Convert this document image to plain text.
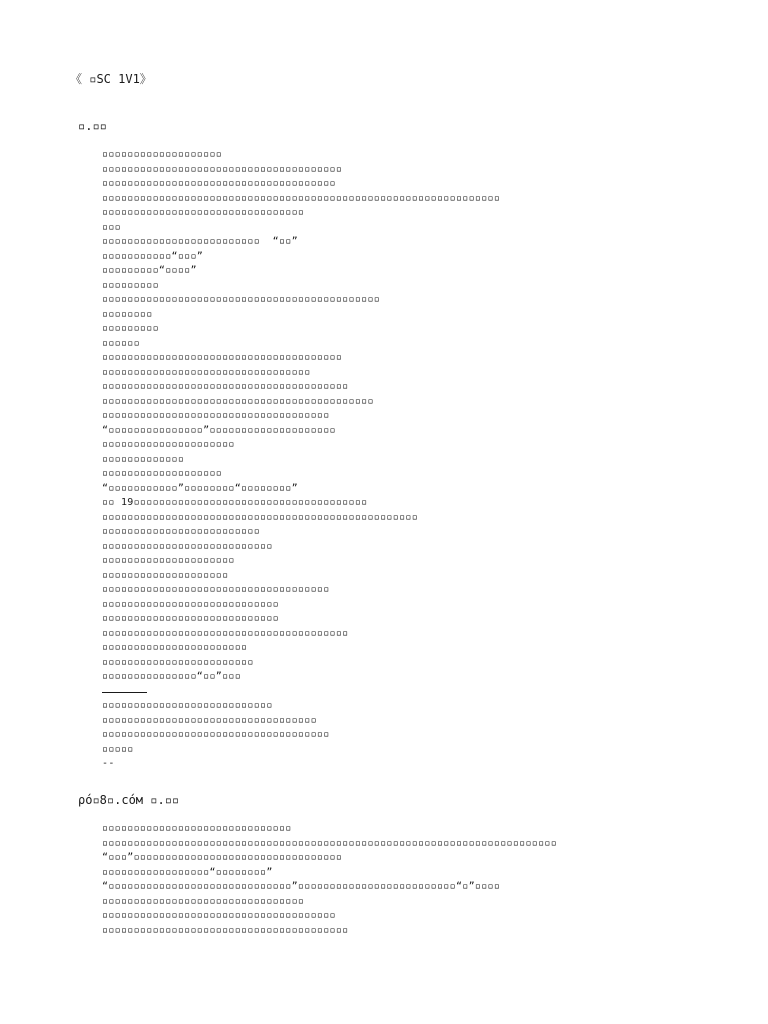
《 ▫SC 1V1》
▫.▫▫
▫▫▫▫▫▫▫▫▫▫▫▫▫▫▫▫▫▫▫
▫▫▫▫▫▫▫▫▫▫▫▫▫▫▫▫▫▫▫▫▫▫▫▫▫▫▫▫▫▫▫▫▫▫▫▫▫▫
▫▫▫▫▫▫▫▫▫▫▫▫▫▫▫▫▫▫▫▫▫▫▫▫▫▫▫▫▫▫▫▫▫▫▫▫▫
▫▫▫▫▫▫▫▫▫▫▫▫▫▫▫▫▫▫▫▫▫▫▫▫▫▫▫▫▫▫▫▫▫▫▫▫▫▫▫▫▫▫▫▫▫▫▫▫▫▫▫▫▫▫▫▫▫▫▫▫▫▫▫
▫▫▫▫▫▫▫▫▫▫▫▫▫▫▫▫▫▫▫▫▫▫▫▫▫▫▫▫▫▫▫▫
▫▫▫
▫▫▫▫▫▫▫▫▫▫▫▫▫▫▫▫▫▫▫▫▫▫▫▫▫  “▫▫”
▫▫▫▫▫▫▫▫▫▫▫“▫▫▫”
▫▫▫▫▫▫▫▫▫“▫▫▫▫”
▫▫▫▫▫▫▫▫▫
▫▫▫▫▫▫▫▫▫▫▫▫▫▫▫▫▫▫▫▫▫▫▫▫▫▫▫▫▫▫▫▫▫▫▫▫▫▫▫▫▫▫▫▫
▫▫▫▫▫▫▫▫
▫▫▫▫▫▫▫▫▫
▫▫▫▫▫▫
▫▫▫▫▫▫▫▫▫▫▫▫▫▫▫▫▫▫▫▫▫▫▫▫▫▫▫▫▫▫▫▫▫▫▫▫▫▫
▫▫▫▫▫▫▫▫▫▫▫▫▫▫▫▫▫▫▫▫▫▫▫▫▫▫▫▫▫▫▫▫▫
▫▫▫▫▫▫▫▫▫▫▫▫▫▫▫▫▫▫▫▫▫▫▫▫▫▫▫▫▫▫▫▫▫▫▫▫▫▫▫
▫▫▫▫▫▫▫▫▫▫▫▫▫▫▫▫▫▫▫▫▫▫▫▫▫▫▫▫▫▫▫▫▫▫▫▫▫▫▫▫▫▫▫
▫▫▫▫▫▫▫▫▫▫▫▫▫▫▫▫▫▫▫▫▫▫▫▫▫▫▫▫▫▫▫▫▫▫▫▫
“▫▫▫▫▫▫▫▫▫▫▫▫▫▫▫”▫▫▫▫▫▫▫▫▫▫▫▫▫▫▫▫▫▫▫▫
▫▫▫▫▫▫▫▫▫▫▫▫▫▫▫▫▫▫▫▫▫
▫▫▫▫▫▫▫▫▫▫▫▫▫
▫▫▫▫▫▫▫▫▫▫▫▫▫▫▫▫▫▫▫
“▫▫▫▫▫▫▫▫▫▫▫”▫▫▫▫▫▫▫▫“▫▫▫▫▫▫▫▫”
▫▫ 19▫▫▫▫▫▫▫▫▫▫▫▫▫▫▫▫▫▫▫▫▫▫▫▫▫▫▫▫▫▫▫▫▫▫▫▫▫
▫▫▫▫▫▫▫▫▫▫▫▫▫▫▫▫▫▫▫▫▫▫▫▫▫▫▫▫▫▫▫▫▫▫▫▫▫▫▫▫▫▫▫▫▫▫▫▫▫▫
▫▫▫▫▫▫▫▫▫▫▫▫▫▫▫▫▫▫▫▫▫▫▫▫▫
▫▫▫▫▫▫▫▫▫▫▫▫▫▫▫▫▫▫▫▫▫▫▫▫▫▫▫
▫▫▫▫▫▫▫▫▫▫▫▫▫▫▫▫▫▫▫▫▫
▫▫▫▫▫▫▫▫▫▫▫▫▫▫▫▫▫▫▫▫
▫▫▫▫▫▫▫▫▫▫▫▫▫▫▫▫▫▫▫▫▫▫▫▫▫▫▫▫▫▫▫▫▫▫▫▫
▫▫▫▫▫▫▫▫▫▫▫▫▫▫▫▫▫▫▫▫▫▫▫▫▫▫▫▫
▫▫▫▫▫▫▫▫▫▫▫▫▫▫▫▫▫▫▫▫▫▫▫▫▫▫▫▫
▫▫▫▫▫▫▫▫▫▫▫▫▫▫▫▫▫▫▫▫▫▫▫▫▫▫▫▫▫▫▫▫▫▫▫▫▫▫▫
▫▫▫▫▫▫▫▫▫▫▫▫▫▫▫▫▫▫▫▫▫▫▫
▫▫▫▫▫▫▫▫▫▫▫▫▫▫▫▫▫▫▫▫▫▫▫▫
▫▫▫▫▫▫▫▫▫▫▫▫▫▫▫“▫▫”▫▫▫
▫▫▫▫▫▫▫▫▫▫▫▫▫▫▫▫▫▫▫▫▫▫▫▫▫▫▫
▫▫▫▫▫▫▫▫▫▫▫▫▫▫▫▫▫▫▫▫▫▫▫▫▫▫▫▫▫▫▫▫▫▫
▫▫▫▫▫▫▫▫▫▫▫▫▫▫▫▫▫▫▫▫▫▫▫▫▫▫▫▫▫▫▫▫▫▫▫▫
▫▫▫▫▫
--
ρó▫8▫.cóм ▫.▫▫
▫▫▫▫▫▫▫▫▫▫▫▫▫▫▫▫▫▫▫▫▫▫▫▫▫▫▫▫▫▫
▫▫▫▫▫▫▫▫▫▫▫▫▫▫▫▫▫▫▫▫▫▫▫▫▫▫▫▫▫▫▫▫▫▫▫▫▫▫▫▫▫▫▫▫▫▫▫▫▫▫▫▫▫▫▫▫▫▫▫▫▫▫▫▫▫▫▫▫▫▫▫▫
“▫▫▫”▫▫▫▫▫▫▫▫▫▫▫▫▫▫▫▫▫▫▫▫▫▫▫▫▫▫▫▫▫▫▫▫▫
▫▫▫▫▫▫▫▫▫▫▫▫▫▫▫▫▫“▫▫▫▫▫▫▫▫”
“▫▫▫▫▫▫▫▫▫▫▫▫▫▫▫▫▫▫▫▫▫▫▫▫▫▫▫▫▫”▫▫▫▫▫▫▫▫▫▫▫▫▫▫▫▫▫▫▫▫▫▫▫▫▫“▫”▫▫▫▫
▫▫▫▫▫▫▫▫▫▫▫▫▫▫▫▫▫▫▫▫▫▫▫▫▫▫▫▫▫▫▫▫
▫▫▫▫▫▫▫▫▫▫▫▫▫▫▫▫▫▫▫▫▫▫▫▫▫▫▫▫▫▫▫▫▫▫▫▫▫
▫▫▫▫▫▫▫▫▫▫▫▫▫▫▫▫▫▫▫▫▫▫▫▫▫▫▫▫▫▫▫▫▫▫▫▫▫▫▫
